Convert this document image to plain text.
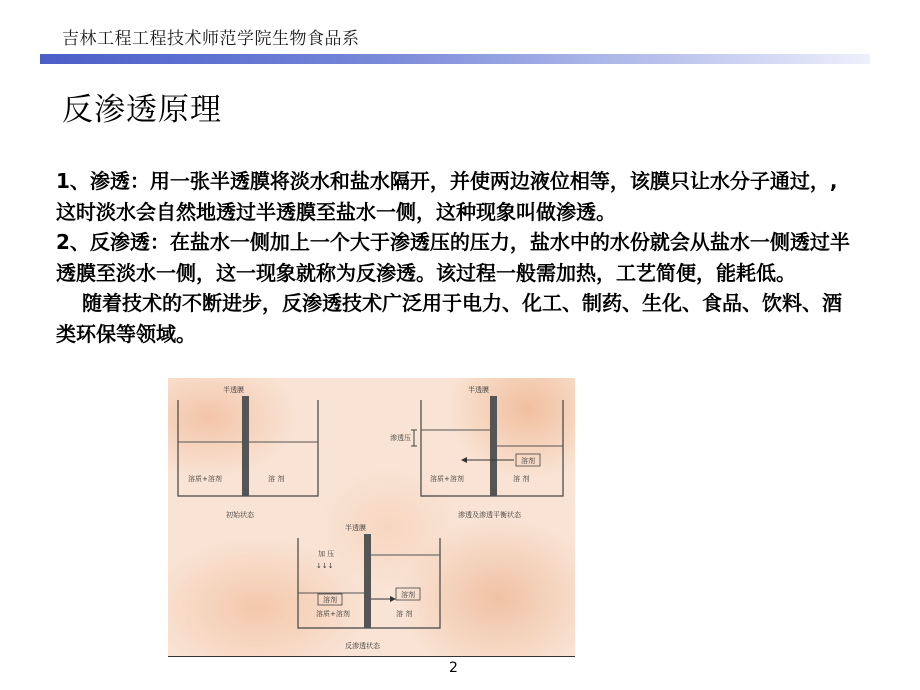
吉林工程工程技术师范学院生物食品系
反渗透原理

1、渗透：用一张半透膜将淡水和盐水隔开，并使两边液位相等，该膜只让水分子通过，,这时淡水会自然地透过半透膜至盐水一侧，这种现象叫做渗透。

2、反渗透：在盐水一侧加上一个大于渗透压的压力，盐水中的水份就会从盐水一侧透过半透膜至淡水一侧，这一现象就称为反渗透。该过程一般需加热，工艺简便，能耗低。

随着技术的不断进步，反渗透技术广泛用于电力、化工、制药、生化、食品、饮料、酒类环保等领域。

半透膜
溶质+溶剂	溶 剂
初始状态
半透膜
渗透压
溶剂
溶质+溶剂	溶 剂
渗透及渗透平衡状态
半透膜
加 压
↓↓↓
溶剂
溶剂
溶质+溶剂	溶 剂
反渗透状态
2
